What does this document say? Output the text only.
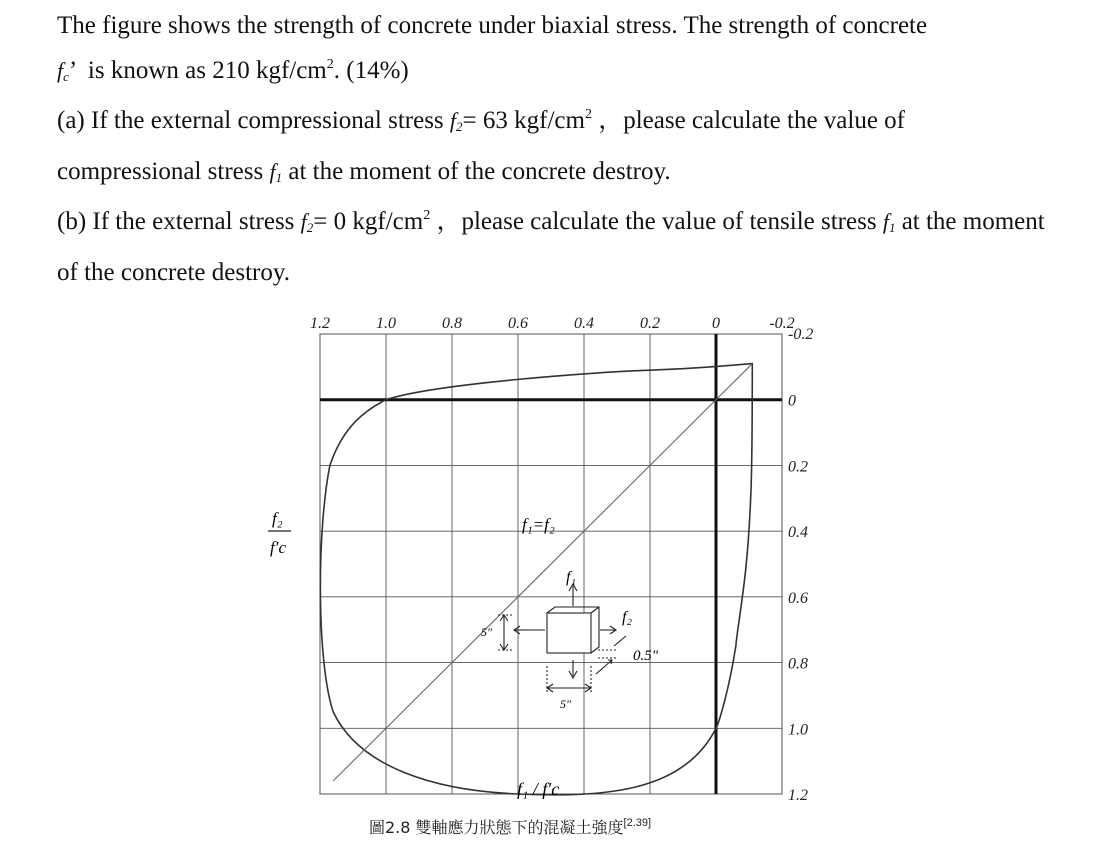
The figure shows the strength of concrete under biaxial stress. The strength of concrete
$f_c$’ is known as 210 kgf/$cm^2$. (14%)

(a) If the external compressional stress $f_2= 63$ kgf/$cm^2$ ，please calculate the value of compressional stress $f_1$ at the moment of the concrete destroy.

(b) If the external stress $f_2= 0$ kgf/$cm^2$ ，please calculate the value of tensile stress $f_1$ at the moment of the concrete destroy.

1.2	1.0	0.8	0.6	0.4	0.2	0	-0.2
-0.2
0
0.2
0.4
0.6
0.8
1.0
1.2
f₂
f′c
f₁=f₂
f₁
f₂
5"
5"
0.5"
f₁ / f′c
圖2.8 雙軸應力狀態下的混凝土強度[2.39]
